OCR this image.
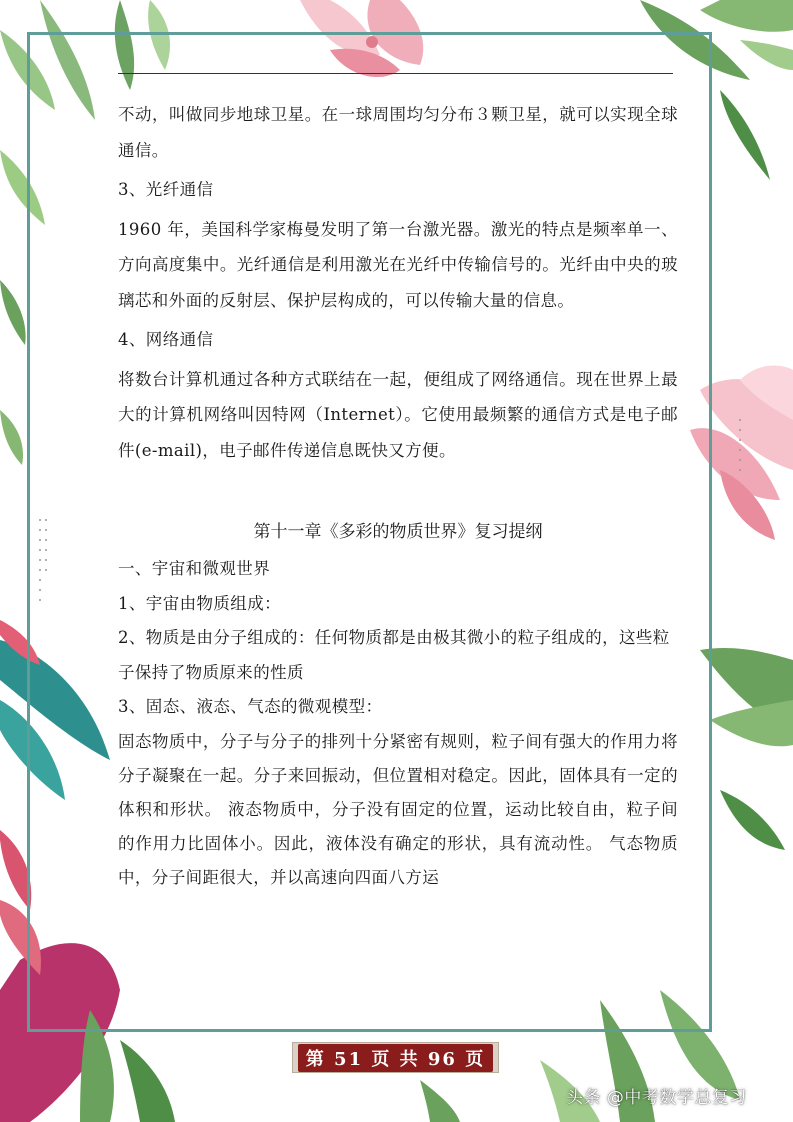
不动，叫做同步地球卫星。在一球周围均匀分布３颗卫星，就可以实现全球通信。

3、光纤通信

1960 年，美国科学家梅曼发明了第一台激光器。激光的特点是频率单一、方向高度集中。光纤通信是利用激光在光纤中传输信号的。光纤由中央的玻璃芯和外面的反射层、保护层构成的，可以传输大量的信息。

4、网络通信

将数台计算机通过各种方式联结在一起，便组成了网络通信。现在世界上最大的计算机网络叫因特网（Internet）。它使用最频繁的通信方式是电子邮件(e-mail)，电子邮件传递信息既快又方便。

第十一章《多彩的物质世界》复习提纲

一、宇宙和微观世界

1、宇宙由物质组成：

2、物质是由分子组成的：任何物质都是由极其微小的粒子组成的，这些粒子保持了物质原来的性质

3、固态、液态、气态的微观模型：

固态物质中，分子与分子的排列十分紧密有规则，粒子间有强大的作用力将分子凝聚在一起。分子来回振动，但位置相对稳定。因此，固体具有一定的体积和形状。 液态物质中，分子没有固定的位置，运动比较自由，粒子间的作用力比固体小。因此，液体没有确定的形状，具有流动性。 气态物质中，分子间距很大，并以高速向四面八方运

第 51 页 共 96 页
头条 @中考数学总复习
